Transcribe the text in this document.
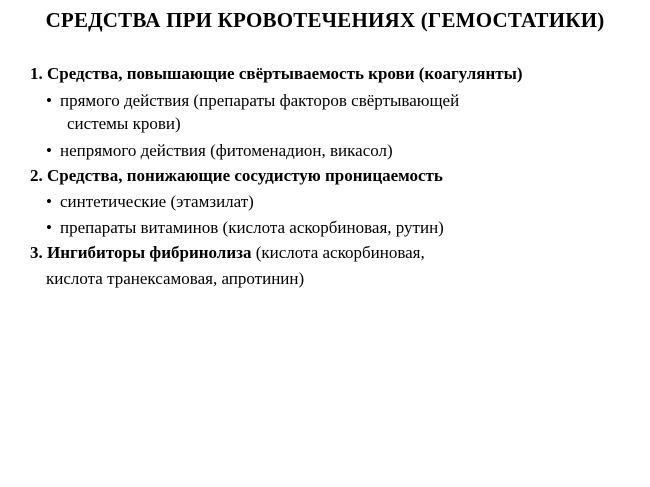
СРЕДСТВА ПРИ КРОВОТЕЧЕНИЯХ (ГЕМОСТАТИКИ)
1. Средства, повышающие свёртываемость крови (коагулянты)
• прямого действия (препараты факторов свёртывающей
системы крови)
• непрямого действия (фитоменадион, викасол)
2. Средства, понижающие сосудистую проницаемость
• синтетические (этамзилат)
• препараты витаминов (кислота аскорбиновая, рутин)
3. Ингибиторы фибринолиза (кислота аскорбиновая,
кислота транексамовая, апротинин)
